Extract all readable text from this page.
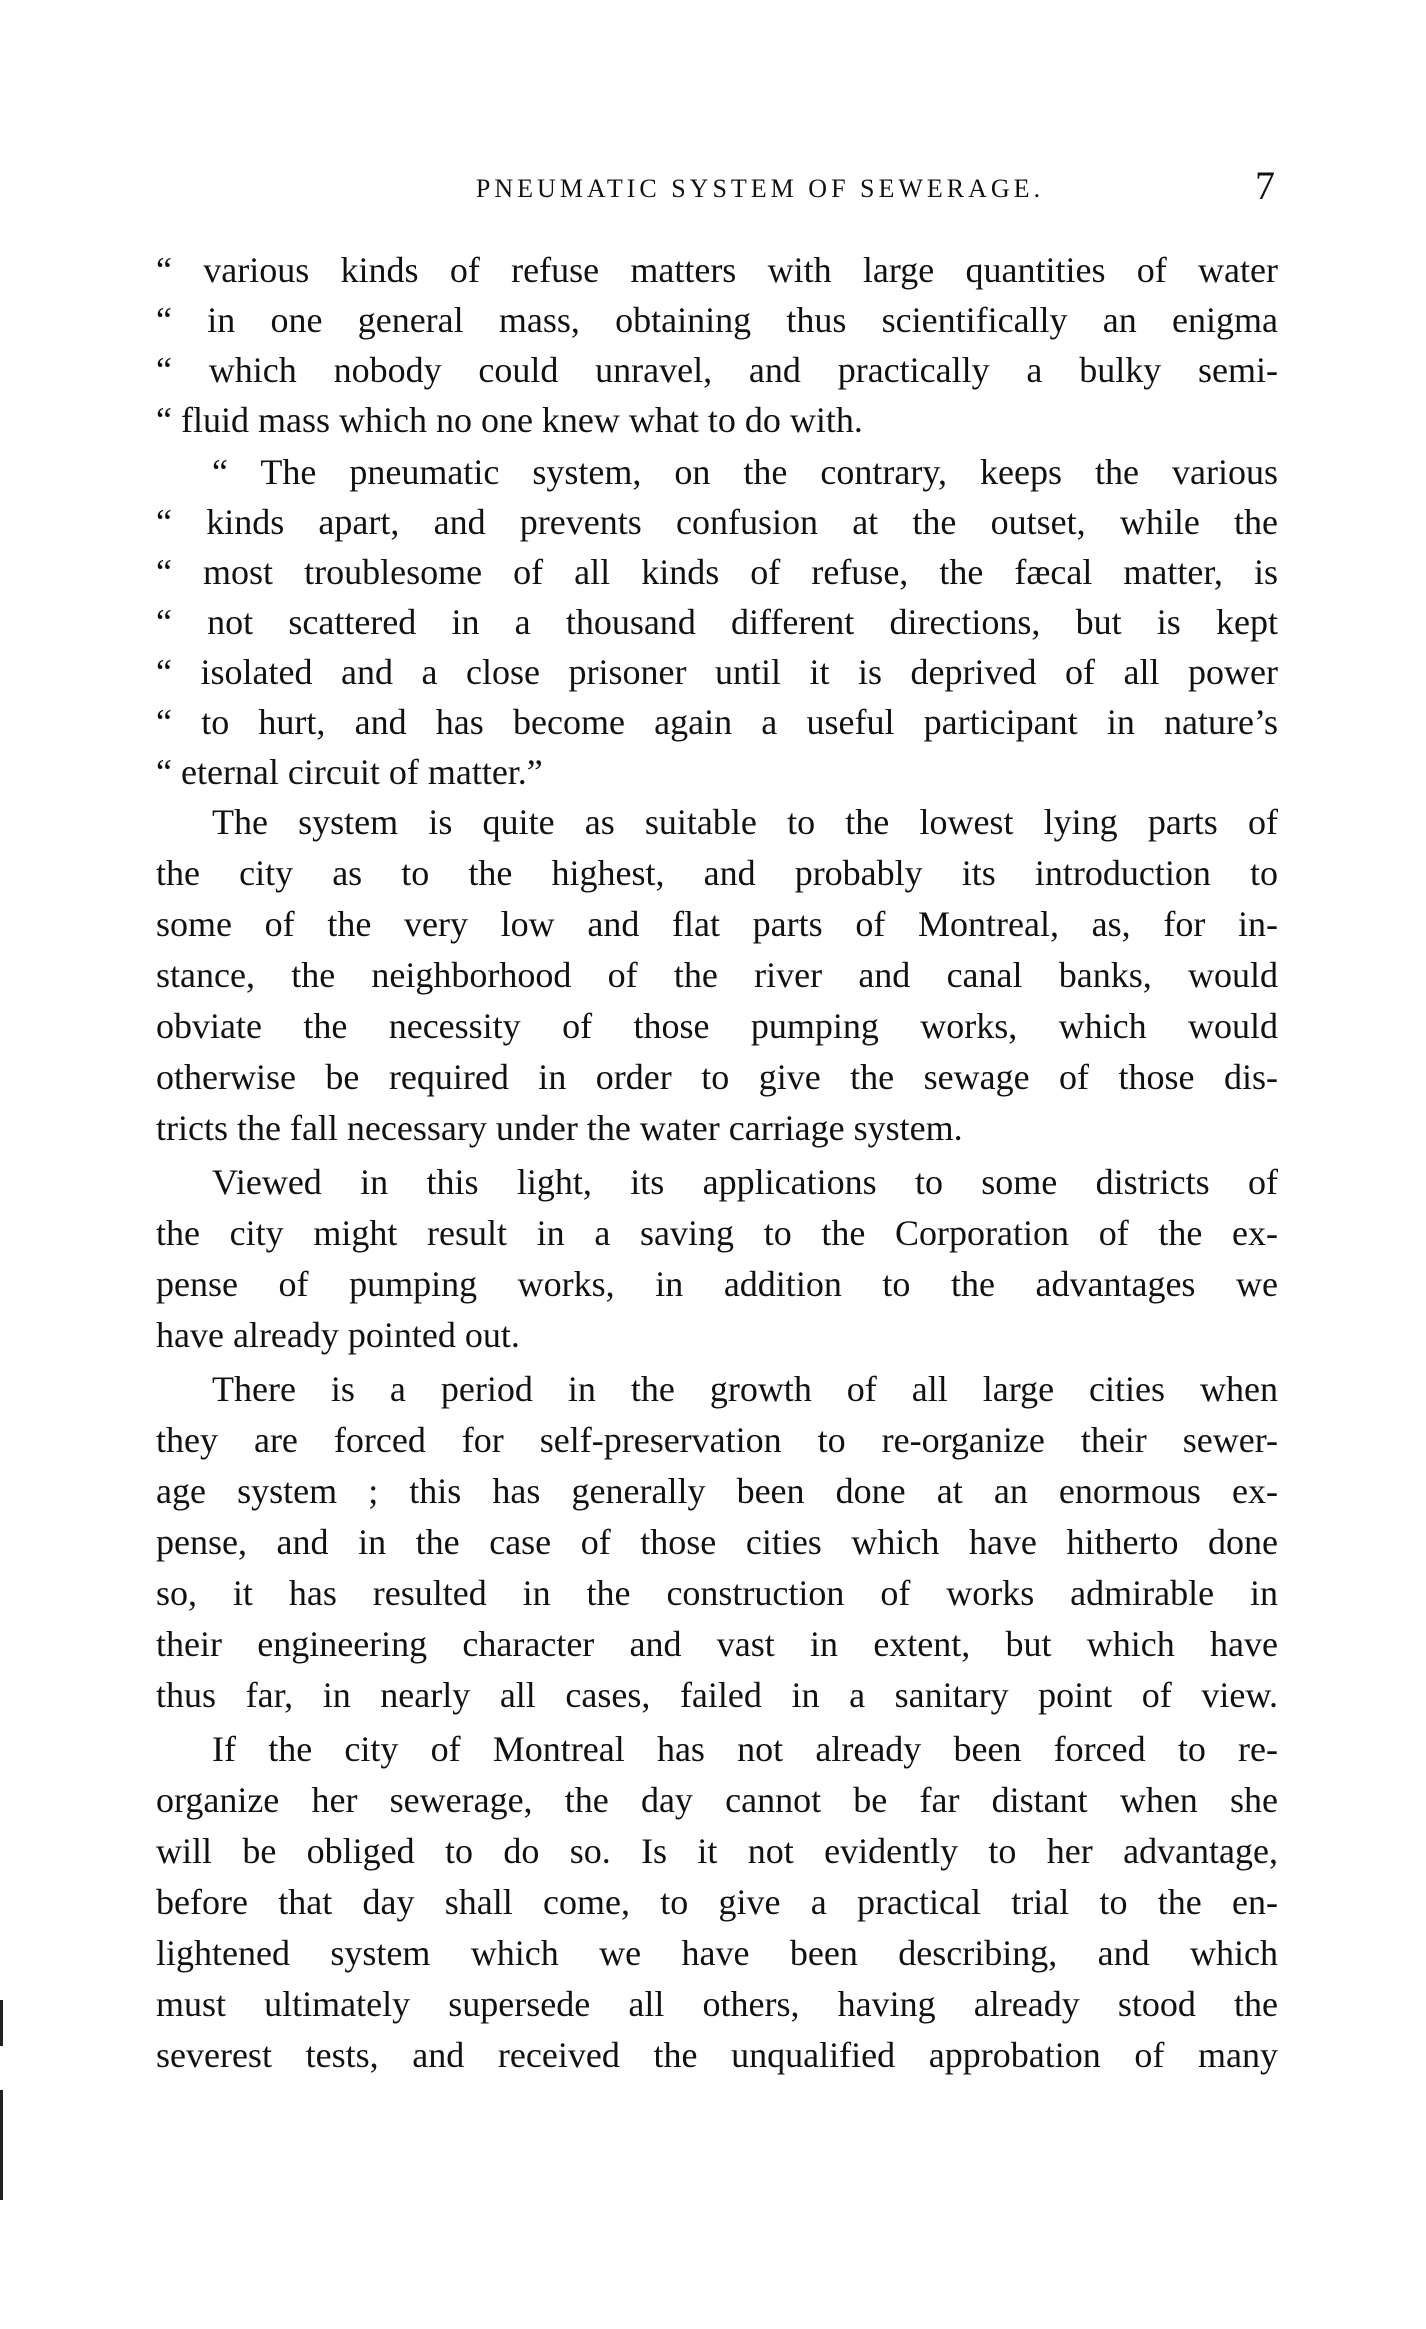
PNEUMATIC SYSTEM OF SEWERAGE.	7
“ various kinds of refuse matters with large quantities of water
“ in one general mass, obtaining thus scientifically an enigma
“ which nobody could unravel, and practically a bulky semi-
“ fluid mass which no one knew what to do with.
“ The pneumatic system, on the contrary, keeps the various
“ kinds apart, and prevents confusion at the outset, while the
“ most troublesome of all kinds of refuse, the fæcal matter, is
“ not scattered in a thousand different directions, but is kept
“ isolated and a close prisoner until it is deprived of all power
“ to hurt, and has become again a useful participant in nature’s
“ eternal circuit of matter.”
The system is quite as suitable to the lowest lying parts of
the city as to the highest, and probably its introduction to
some of the very low and flat parts of Montreal, as, for in-
stance, the neighborhood of the river and canal banks, would
obviate the necessity of those pumping works, which would
otherwise be required in order to give the sewage of those dis-
tricts the fall necessary under the water carriage system.
Viewed in this light, its applications to some districts of
the city might result in a saving to the Corporation of the ex-
pense of pumping works, in addition to the advantages we
have already pointed out.
There is a period in the growth of all large cities when
they are forced for self-preservation to re-organize their sewer-
age system ; this has generally been done at an enormous ex-
pense, and in the case of those cities which have hitherto done
so, it has resulted in the construction of works admirable in
their engineering character and vast in extent, but which have
thus far, in nearly all cases, failed in a sanitary point of view.
If the city of Montreal has not already been forced to re-
organize her sewerage, the day cannot be far distant when she
will be obliged to do so. Is it not evidently to her advantage,
before that day shall come, to give a practical trial to the en-
lightened system which we have been describing, and which
must ultimately supersede all others, having already stood the
severest tests, and received the unqualified approbation of many
